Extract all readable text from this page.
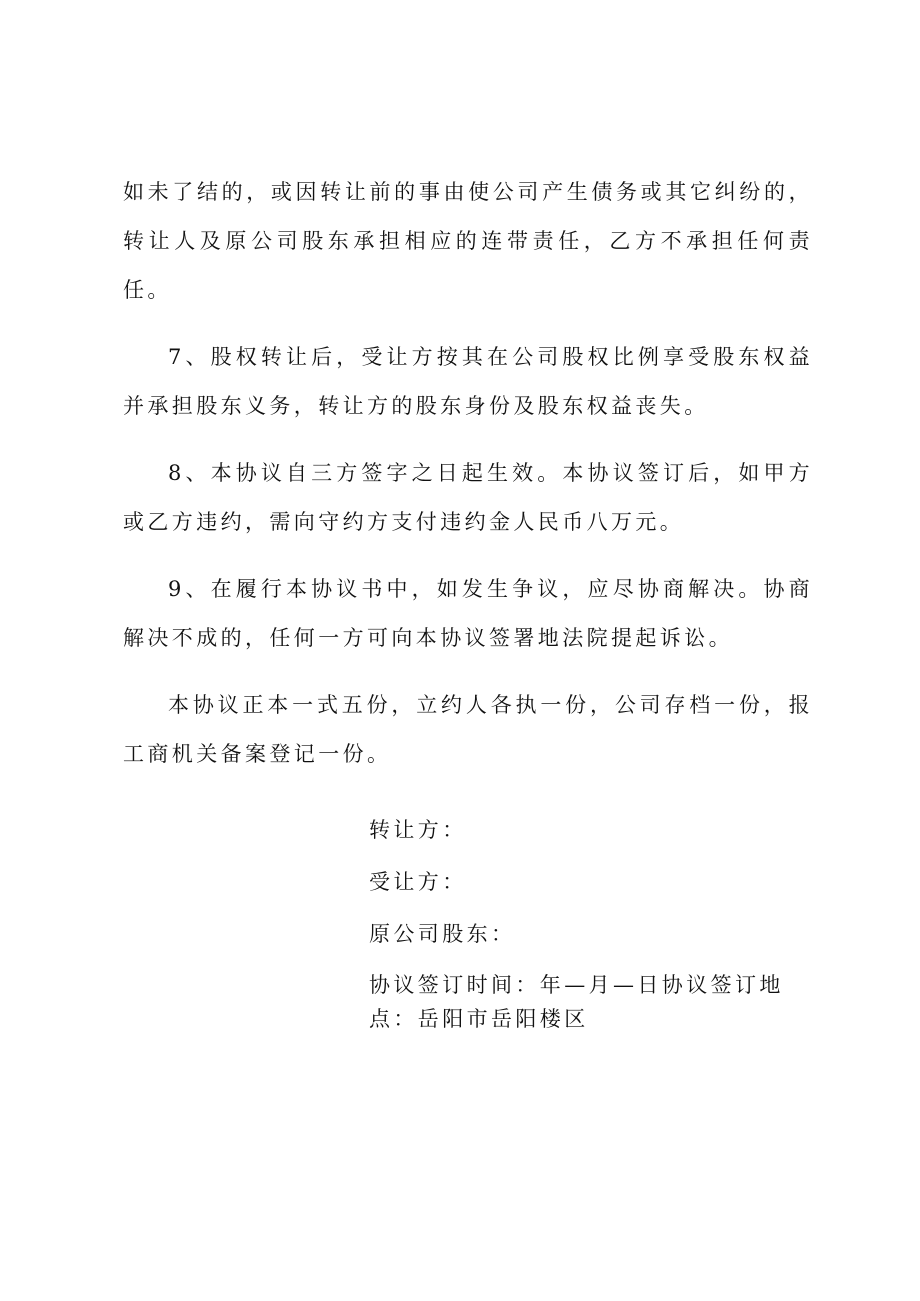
如未了结的，或因转让前的事由使公司产生债务或其它纠纷的，转让人及原公司股东承担相应的连带责任，乙方不承担任何责任。

7、股权转让后，受让方按其在公司股权比例享受股东权益并承担股东义务，转让方的股东身份及股东权益丧失。

8、本协议自三方签字之日起生效。本协议签订后，如甲方或乙方违约，需向守约方支付违约金人民币八万元。

9、在履行本协议书中，如发生争议，应尽协商解决。协商解决不成的，任何一方可向本协议签署地法院提起诉讼。

本协议正本一式五份，立约人各执一份，公司存档一份，报工商机关备案登记一份。

转让方：
受让方：
原公司股东：
协议签订时间：年—月—日协议签订地点：岳阳市岳阳楼区
